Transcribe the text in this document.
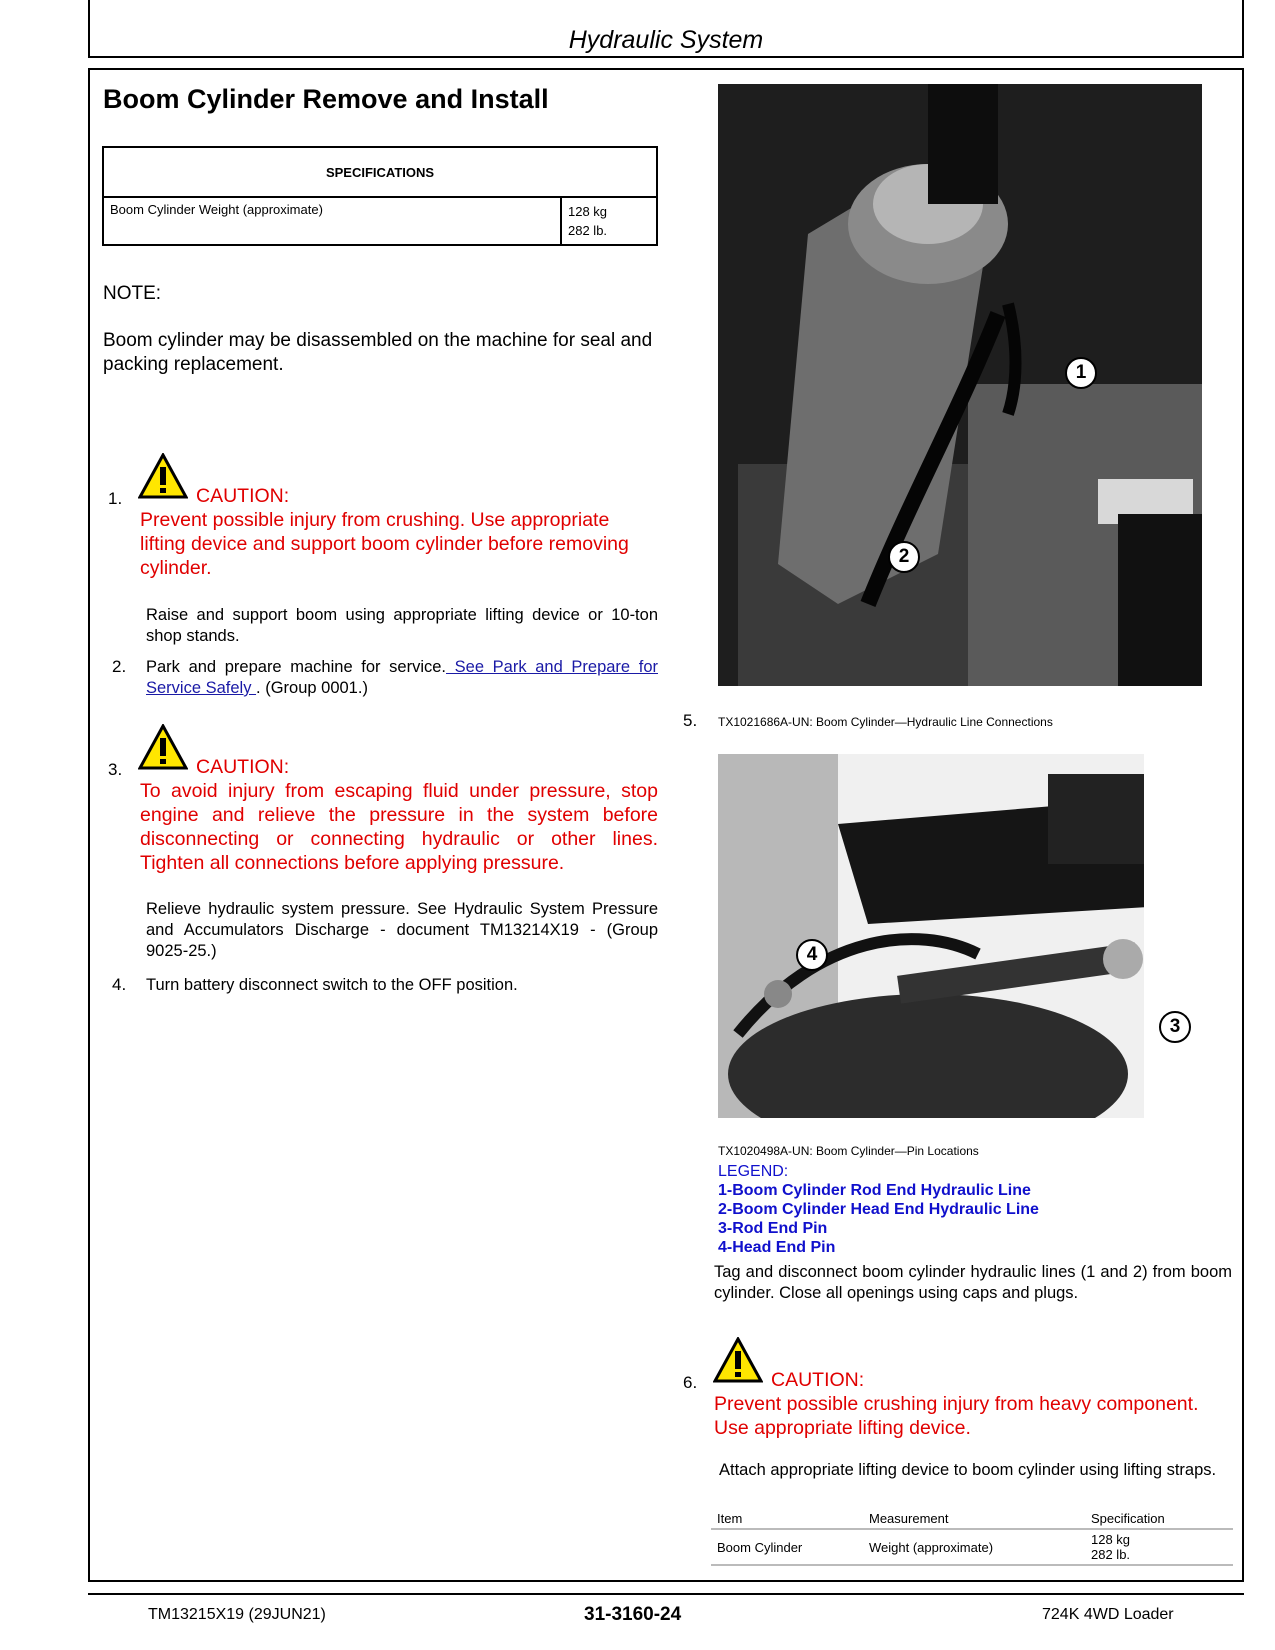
Hydraulic System
Boom Cylinder Remove and Install
SPECIFICATIONS
Boom Cylinder Weight (approximate)	128 kg
282 lb.
NOTE:
Boom cylinder may be disassembled on the machine for seal and packing replacement.
1.	CAUTION:
Prevent possible injury from crushing. Use appropriate lifting device and support boom cylinder before removing cylinder.
Raise and support boom using appropriate lifting device or 10-ton shop stands.
2. Park and prepare machine for service. See Park and Prepare for Service Safely . (Group 0001.)
3.	CAUTION:
To avoid injury from escaping fluid under pressure, stop engine and relieve the pressure in the system before disconnecting or connecting hydraulic or other lines. Tighten all connections before applying pressure.
Relieve hydraulic system pressure. See Hydraulic System Pressure and Accumulators Discharge - document TM13214X19 - (Group 9025-25.)
4. Turn battery disconnect switch to the OFF position.
1
2
5. TX1021686A-UN: Boom Cylinder—Hydraulic Line Connections
4
3
TX1020498A-UN: Boom Cylinder—Pin Locations
LEGEND:
1-Boom Cylinder Rod End Hydraulic Line
2-Boom Cylinder Head End Hydraulic Line
3-Rod End Pin
4-Head End Pin
Tag and disconnect boom cylinder hydraulic lines (1 and 2) from boom cylinder. Close all openings using caps and plugs.
6.	CAUTION:
Prevent possible crushing injury from heavy component. Use appropriate lifting device.
Attach appropriate lifting device to boom cylinder using lifting straps.
Item	Measurement	Specification
Boom Cylinder	Weight (approximate)	128 kg
282 lb.
TM13215X19 (29JUN21)	31-3160-24	724K 4WD Loader
